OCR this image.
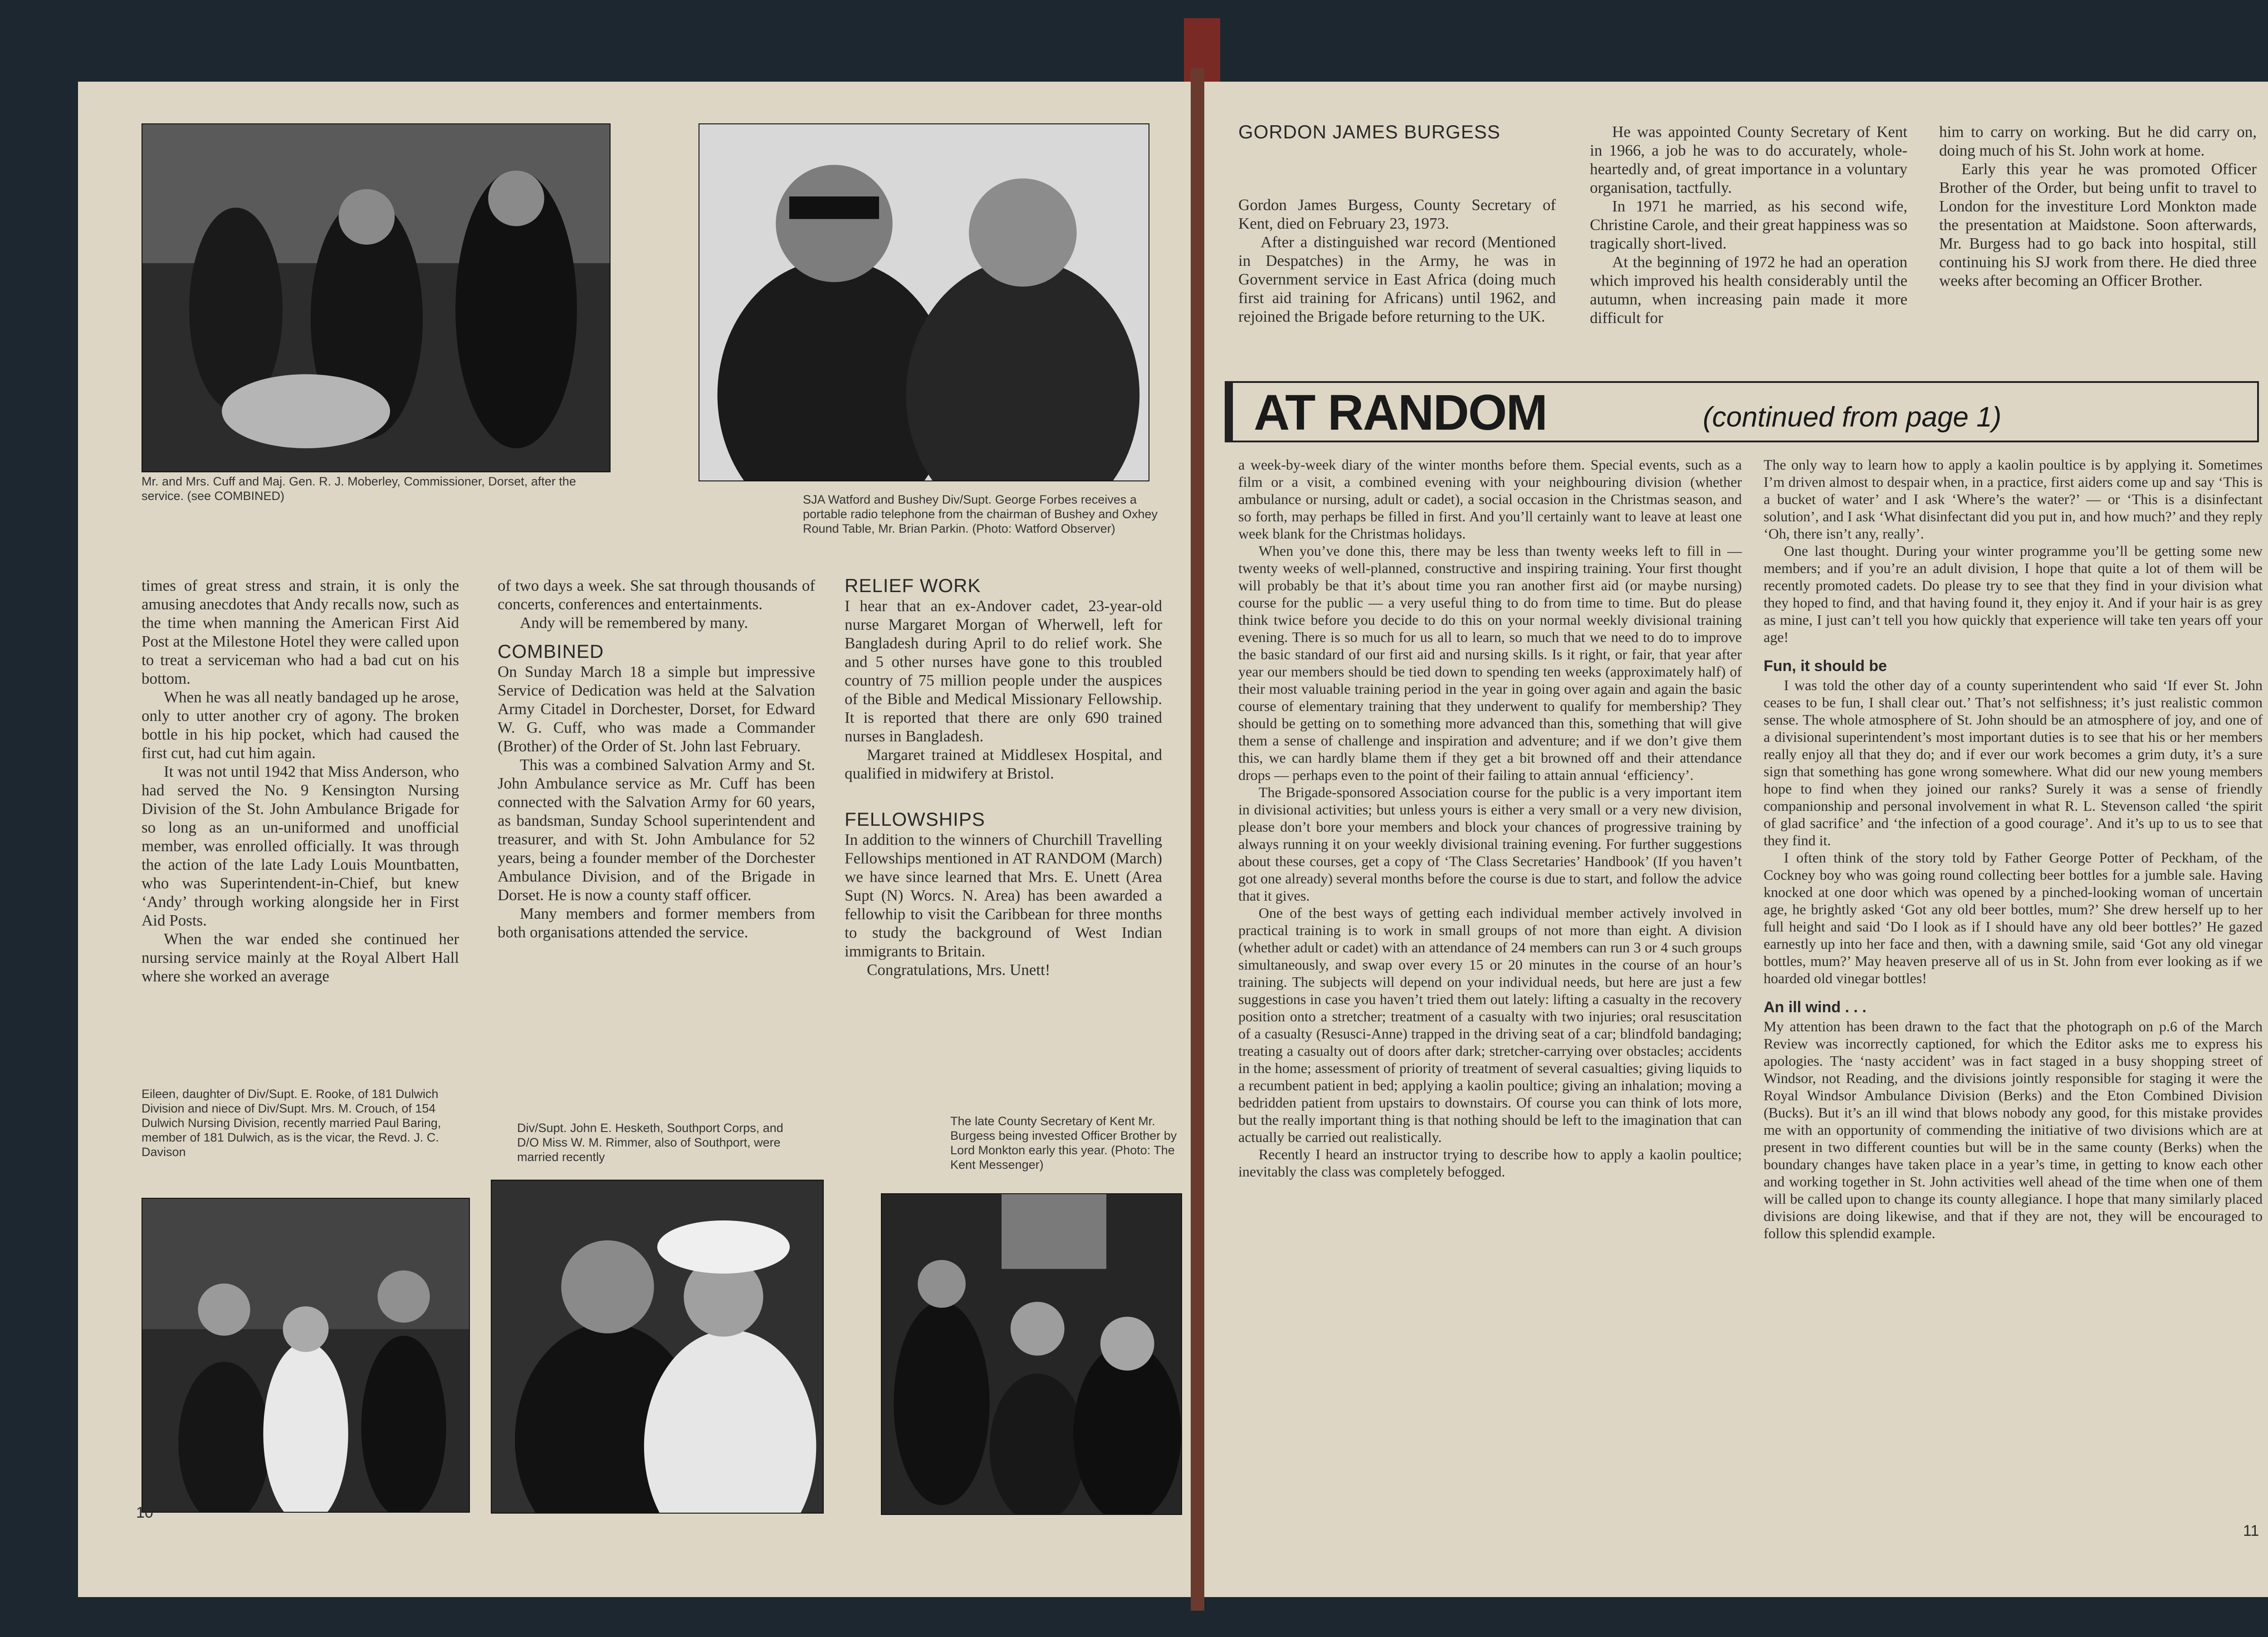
Mr. and Mrs. Cuff and Maj. Gen. R. J. Moberley, Commissioner, Dorset, after the service. (see COMBINED)	SJA Watford and Bushey Div/Supt. George Forbes receives a portable radio telephone from the chairman of Bushey and Oxhey Round Table, Mr. Brian Parkin. (Photo: Watford Observer)
Eileen, daughter of Div/Supt. E. Rooke, of 181 Dulwich Division and niece of Div/Supt. Mrs. M. Crouch, of 154 Dulwich Nursing Division, recently married Paul Baring, member of 181 Dulwich, as is the vicar, the Revd. J. C. Davison
Div/Supt. John E. Hesketh, Southport Corps, and D/O Miss W. M. Rimmer, also of Southport, were married recently
The late County Secretary of Kent Mr. Burgess being invested Officer Brother by Lord Monkton early this year. (Photo: The Kent Messenger)

times of great stress and strain, it is only the amusing anecdotes that Andy recalls now, such as the time when manning the American First Aid Post at the Milestone Hotel they were called upon to treat a serviceman who had a bad cut on his bottom.

When he was all neatly bandaged up he arose, only to utter another cry of agony. The broken bottle in his hip pocket, which had caused the first cut, had cut him again.

It was not until 1942 that Miss Anderson, who had served the No. 9 Kensington Nursing Division of the St. John Ambulance Brigade for so long as an un-uniformed and unofficial member, was enrolled officially. It was through the action of the late Lady Louis Mountbatten, who was Superintendent-in-Chief, but knew ‘Andy’ through working alongside her in First Aid Posts.

When the war ended she continued her nursing service mainly at the Royal Albert Hall where she worked an average

of two days a week. She sat through thousands of concerts, conferences and entertainments.

Andy will be remembered by many.

COMBINED

On Sunday March 18 a simple but impressive Service of Dedication was held at the Salvation Army Citadel in Dorchester, Dorset, for Edward W. G. Cuff, who was made a Commander (Brother) of the Order of St. John last February.

This was a combined Salvation Army and St. John Ambulance service as Mr. Cuff has been connected with the Salvation Army for 60 years, as bandsman, Sunday School superintendent and treasurer, and with St. John Ambulance for 52 years, being a founder member of the Dorchester Ambulance Division, and of the Brigade in Dorset. He is now a county staff officer.

Many members and former members from both organisations attended the service.

RELIEF WORK

I hear that an ex-Andover cadet, 23-year-old nurse Margaret Morgan of Wherwell, left for Bangladesh during April to do relief work. She and 5 other nurses have gone to this troubled country of 75 million people under the auspices of the Bible and Medical Missionary Fellowship. It is reported that there are only 690 trained nurses in Bangladesh.

Margaret trained at Middlesex Hospital, and qualified in midwifery at Bristol.

FELLOWSHIPS

In addition to the winners of Churchill Travelling Fellowships mentioned in AT RANDOM (March) we have since learned that Mrs. E. Unett (Area Supt (N) Worcs. N. Area) has been awarded a fellowhip to visit the Caribbean for three months to study the background of West Indian immigrants to Britain.

Congratulations, Mrs. Unett!

10
GORDON JAMES BURGESS

Gordon James Burgess, County Secretary of Kent, died on February 23, 1973.

After a distinguished war record (Mentioned in Despatches) in the Army, he was in Government service in East Africa (doing much first aid training for Africans) until 1962, and rejoined the Brigade before returning to the UK.

He was appointed County Secretary of Kent in 1966, a job he was to do accurately, whole-heartedly and, of great importance in a voluntary organisation, tactfully.

In 1971 he married, as his second wife, Christine Carole, and their great happiness was so tragically short-lived.

At the beginning of 1972 he had an operation which improved his health considerably until the autumn, when increasing pain made it more difficult for

him to carry on working. But he did carry on, doing much of his St. John work at home.

Early this year he was promoted Officer Brother of the Order, but being unfit to travel to London for the investiture Lord Monkton made the presentation at Maidstone. Soon afterwards, Mr. Burgess had to go back into hospital, still continuing his SJ work from there. He died three weeks after becoming an Officer Brother.

AT RANDOM	(continued from page 1)

a week-by-week diary of the winter months before them. Special events, such as a film or a visit, a combined evening with your neighbouring division (whether ambulance or nursing, adult or cadet), a social occasion in the Christmas season, and so forth, may perhaps be filled in first. And you’ll certainly want to leave at least one week blank for the Christmas holidays.

When you’ve done this, there may be less than twenty weeks left to fill in — twenty weeks of well-planned, constructive and inspiring training. Your first thought will probably be that it’s about time you ran another first aid (or maybe nursing) course for the public — a very useful thing to do from time to time. But do please think twice before you decide to do this on your normal weekly divisional training evening. There is so much for us all to learn, so much that we need to do to improve the basic standard of our first aid and nursing skills. Is it right, or fair, that year after year our members should be tied down to spending ten weeks (approximately half) of their most valuable training period in the year in going over again and again the basic course of elementary training that they underwent to qualify for membership? They should be getting on to something more advanced than this, something that will give them a sense of challenge and inspiration and adventure; and if we don’t give them this, we can hardly blame them if they get a bit browned off and their attendance drops — perhaps even to the point of their failing to attain annual ‘efficiency’.

The Brigade-sponsored Association course for the public is a very important item in divisional activities; but unless yours is either a very small or a very new division, please don’t bore your members and block your chances of progressive training by always running it on your weekly divisional training evening. For further suggestions about these courses, get a copy of ‘The Class Secretaries’ Handbook’ (If you haven’t got one already) several months before the course is due to start, and follow the advice that it gives.

One of the best ways of getting each individual member actively involved in practical training is to work in small groups of not more than eight. A division (whether adult or cadet) with an attendance of 24 members can run 3 or 4 such groups simultaneously, and swap over every 15 or 20 minutes in the course of an hour’s training. The subjects will depend on your individual needs, but here are just a few suggestions in case you haven’t tried them out lately: lifting a casualty in the recovery position onto a stretcher; treatment of a casualty with two injuries; oral resuscitation of a casualty (Resusci-Anne) trapped in the driving seat of a car; blindfold bandaging; treating a casualty out of doors after dark; stretcher-carrying over obstacles; accidents in the home; assessment of priority of treatment of several casualties; giving liquids to a recumbent patient in bed; applying a kaolin poultice; giving an inhalation; moving a bedridden patient from upstairs to downstairs. Of course you can think of lots more, but the really important thing is that nothing should be left to the imagination that can actually be carried out realistically.

Recently I heard an instructor trying to describe how to apply a kaolin poultice; inevitably the class was completely befogged.

The only way to learn how to apply a kaolin poultice is by applying it. Sometimes I’m driven almost to despair when, in a practice, first aiders come up and say ‘This is a bucket of water’ and I ask ‘Where’s the water?’ — or ‘This is a disinfectant solution’, and I ask ‘What disinfectant did you put in, and how much?’ and they reply ‘Oh, there isn’t any, really’.

One last thought. During your winter programme you’ll be getting some new members; and if you’re an adult division, I hope that quite a lot of them will be recently promoted cadets. Do please try to see that they find in your division what they hoped to find, and that having found it, they enjoy it. And if your hair is as grey as mine, I just can’t tell you how quickly that experience will take ten years off your age!

Fun, it should be

I was told the other day of a county superintendent who said ‘If ever St. John ceases to be fun, I shall clear out.’ That’s not selfishness; it’s just realistic common sense. The whole atmosphere of St. John should be an atmosphere of joy, and one of a divisional superintendent’s most important duties is to see that his or her members really enjoy all that they do; and if ever our work becomes a grim duty, it’s a sure sign that something has gone wrong somewhere. What did our new young members hope to find when they joined our ranks? Surely it was a sense of friendly companionship and personal involvement in what R. L. Stevenson called ‘the spirit of glad sacrifice’ and ‘the infection of a good courage’. And it’s up to us to see that they find it.

I often think of the story told by Father George Potter of Peckham, of the Cockney boy who was going round collecting beer bottles for a jumble sale. Having knocked at one door which was opened by a pinched-looking woman of uncertain age, he brightly asked ‘Got any old beer bottles, mum?’ She drew herself up to her full height and said ‘Do I look as if I should have any old beer bottles?’ He gazed earnestly up into her face and then, with a dawning smile, said ‘Got any old vinegar bottles, mum?’ May heaven preserve all of us in St. John from ever looking as if we hoarded old vinegar bottles!

An ill wind . . .

My attention has been drawn to the fact that the photograph on p.6 of the March Review was incorrectly captioned, for which the Editor asks me to express his apologies. The ‘nasty accident’ was in fact staged in a busy shopping street of Windsor, not Reading, and the divisions jointly responsible for staging it were the Royal Windsor Ambulance Division (Berks) and the Eton Combined Division (Bucks). But it’s an ill wind that blows nobody any good, for this mistake provides me with an opportunity of commending the initiative of two divisions which are at present in two different counties but will be in the same county (Berks) when the boundary changes have taken place in a year’s time, in getting to know each other and working together in St. John activities well ahead of the time when one of them will be called upon to change its county allegiance. I hope that many similarly placed divisions are doing likewise, and that if they are not, they will be encouraged to follow this splendid example.

11
